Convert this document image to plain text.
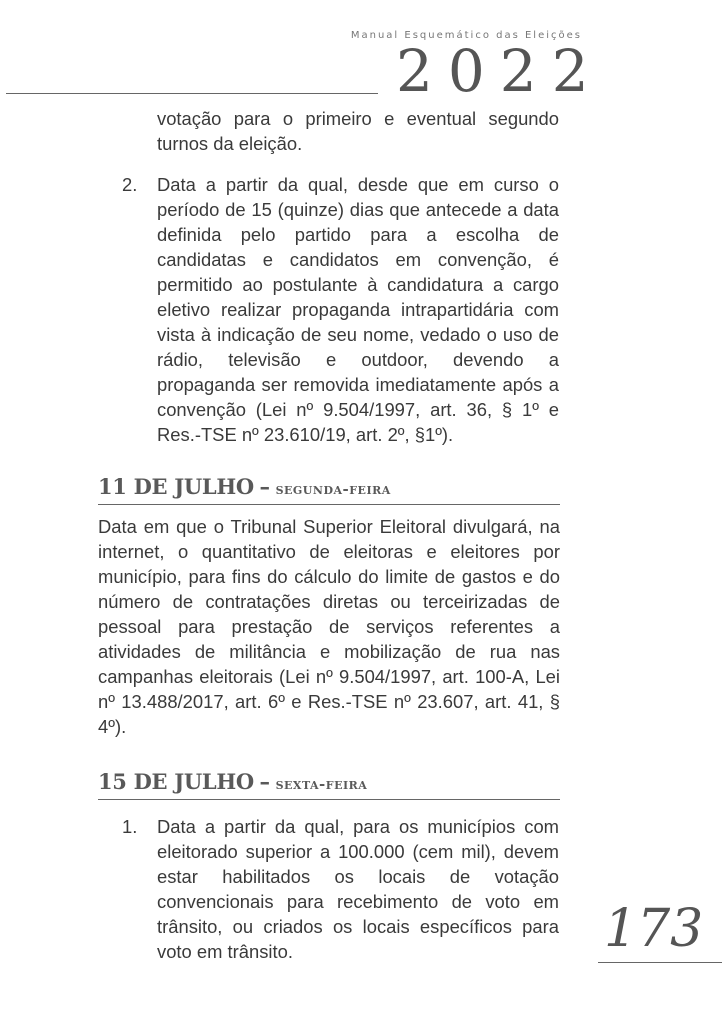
Manual Esquemático das Eleições
2022
votação para o primeiro e eventual segundo turnos da eleição.
2. Data a partir da qual, desde que em curso o período de 15 (quinze) dias que antecede a data definida pelo partido para a escolha de candidatas e candidatos em convenção, é permitido ao postulante à candidatura a cargo eletivo realizar propaganda intrapartidária com vista à indicação de seu nome, vedado o uso de rádio, televisão e outdoor, devendo a propaganda ser removida imediatamente após a convenção (Lei nº 9.504/1997, art. 36, § 1º e Res.-TSE nº 23.610/19, art. 2º, §1º).
11 DE JULHO – segunda-feira
Data em que o Tribunal Superior Eleitoral divulgará, na internet, o quantitativo de eleitoras e eleitores por município, para fins do cálculo do limite de gastos e do número de contratações diretas ou terceirizadas de pessoal para prestação de serviços referentes a atividades de militância e mobilização de rua nas campanhas eleitorais (Lei nº 9.504/1997, art. 100-A, Lei nº 13.488/2017, art. 6º e Res.-TSE nº 23.607, art. 41, § 4º).
15 DE JULHO – sexta-feira
1. Data a partir da qual, para os municípios com eleitorado superior a 100.000 (cem mil), devem estar habilitados os locais de votação convencionais para recebimento de voto em trânsito, ou criados os locais específicos para voto em trânsito.	173
